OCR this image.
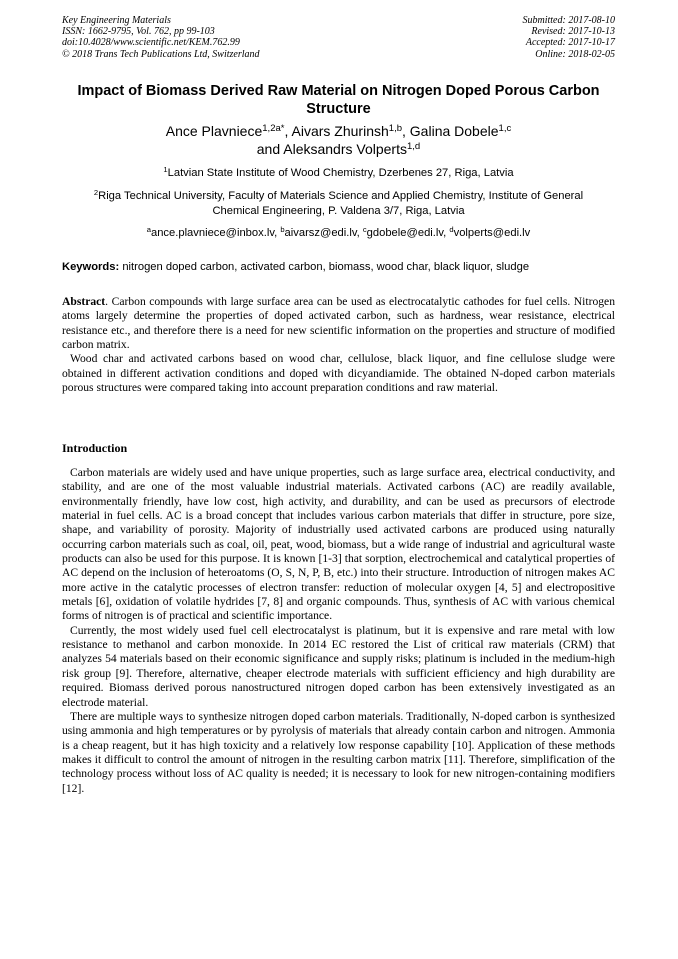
Key Engineering Materials
ISSN: 1662-9795, Vol. 762, pp 99-103
doi:10.4028/www.scientific.net/KEM.762.99
© 2018 Trans Tech Publications Ltd, Switzerland
Submitted: 2017-08-10
Revised: 2017-10-13
Accepted: 2017-10-17
Online: 2018-02-05
Impact of Biomass Derived Raw Material on Nitrogen Doped Porous Carbon Structure
Ance Plavniece$^{1,2a*}$, Aivars Zhurinsh$^{1,b}$, Galina Dobele$^{1,c}$
and Aleksandrs Volperts$^{1,d}$
$^1$Latvian State Institute of Wood Chemistry, Dzerbenes 27, Riga, Latvia
$^2$Riga Technical University, Faculty of Materials Science and Applied Chemistry, Institute of General Chemical Engineering, P. Valdena 3/7, Riga, Latvia
$^a$ance.plavniece@inbox.lv, $^b$aivarsz@edi.lv, $^c$gdobele@edi.lv, $^d$volperts@edi.lv
Keywords: nitrogen doped carbon, activated carbon, biomass, wood char, black liquor, sludge

Abstract. Carbon compounds with large surface area can be used as electrocatalytic cathodes for fuel cells. Nitrogen atoms largely determine the properties of doped activated carbon, such as hardness, wear resistance, electrical resistance etc., and therefore there is a need for new scientific information on the properties and structure of modified carbon matrix.

Wood char and activated carbons based on wood char, cellulose, black liquor, and fine cellulose sludge were obtained in different activation conditions and doped with dicyandiamide. The obtained N-doped carbon materials porous structures were compared taking into account preparation conditions and raw material.

Introduction

Carbon materials are widely used and have unique properties, such as large surface area, electrical conductivity, and stability, and are one of the most valuable industrial materials. Activated carbons (AC) are readily available, environmentally friendly, have low cost, high activity, and durability, and can be used as precursors of electrode material in fuel cells. AC is a broad concept that includes various carbon materials that differ in structure, pore size, shape, and variability of porosity. Majority of industrially used activated carbons are produced using naturally occurring carbon materials such as coal, oil, peat, wood, biomass, but a wide range of industrial and agricultural waste products can also be used for this purpose. It is known [1-3] that sorption, electrochemical and catalytical properties of AC depend on the inclusion of heteroatoms (O, S, N, P, B, etc.) into their structure. Introduction of nitrogen makes AC more active in the catalytic processes of electron transfer: reduction of molecular oxygen [4, 5] and electropositive metals [6], oxidation of volatile hydrides [7, 8] and organic compounds. Thus, synthesis of AC with various chemical forms of nitrogen is of practical and scientific importance.

Currently, the most widely used fuel cell electrocatalyst is platinum, but it is expensive and rare metal with low resistance to methanol and carbon monoxide. In 2014 EC restored the List of critical raw materials (CRM) that analyzes 54 materials based on their economic significance and supply risks; platinum is included in the medium-high risk group [9]. Therefore, alternative, cheaper electrode materials with sufficient efficiency and high durability are required. Biomass derived porous nanostructured nitrogen doped carbon has been extensively investigated as an electrode material.

There are multiple ways to synthesize nitrogen doped carbon materials. Traditionally, N-doped carbon is synthesized using ammonia and high temperatures or by pyrolysis of materials that already contain carbon and nitrogen. Ammonia is a cheap reagent, but it has high toxicity and a relatively low response capability [10]. Application of these methods makes it difficult to control the amount of nitrogen in the resulting carbon matrix [11]. Therefore, simplification of the technology process without loss of AC quality is needed; it is necessary to look for new nitrogen-containing modifiers [12].
